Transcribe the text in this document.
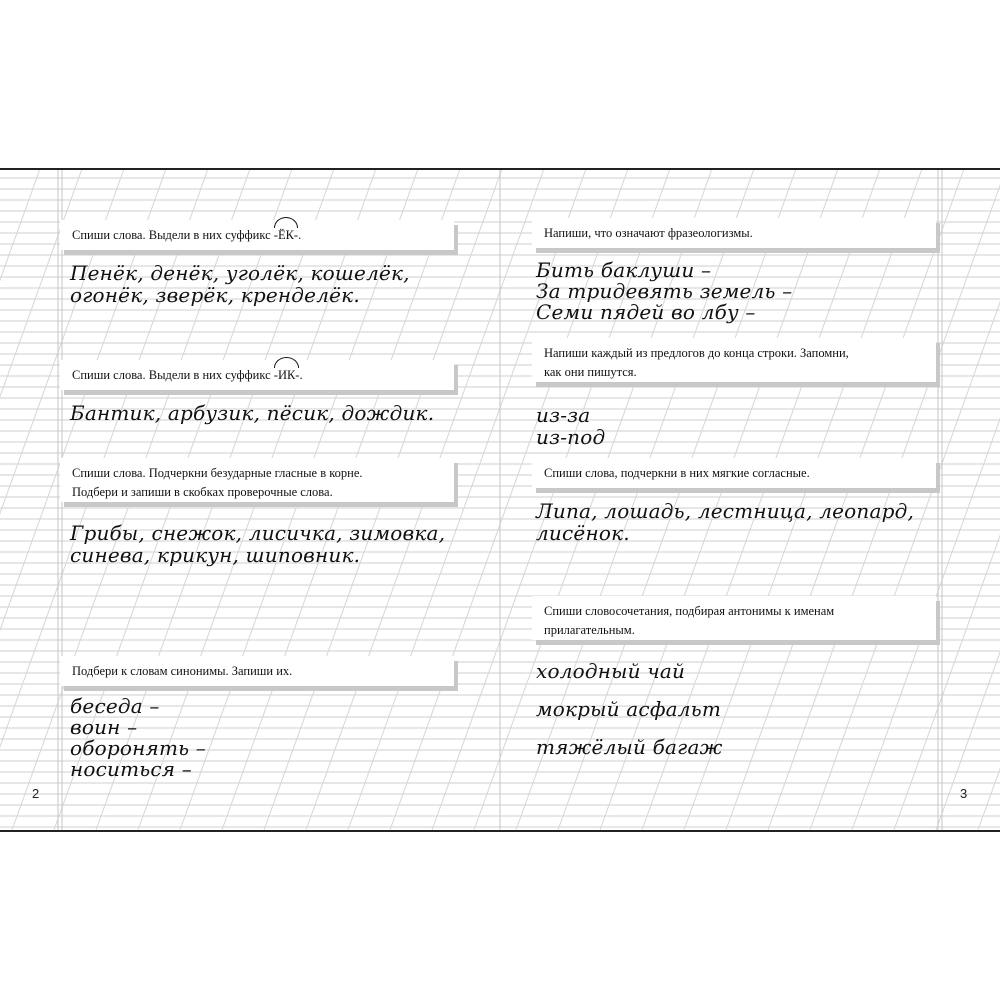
2	3
Спиши слова. Выдели в них суффикс
-ЁК-.
Пенёк, денёк, уголёк, кошелёк,
огонёк, зверёк, кренделёк.
Спиши слова. Выдели в них суффикс
-ИК-.
Бантик, арбузик, пёсик, дождик.
Спиши слова. Подчеркни безударные гласные в корне.
Подбери и запиши в скобках проверочные слова.
Грибы, снежок, лисичка, зимовка,
синева, крикун, шиповник.
Подбери к словам синонимы. Запиши их.
беседа –
воин –
оборонять –
носиться –
Напиши, что означают фразеологизмы.
Бить баклуши –
За тридевять земель –
Семи пядей во лбу –
Напиши каждый из предлогов до конца строки. Запомни,
как они пишутся.
из-за
из-под
Спиши слова, подчеркни в них мягкие согласные.
Липа, лошадь, лестница, леопард,
лисёнок.
Спиши словосочетания, подбирая антонимы к именам
прилагательным.
холодный чай
мокрый асфальт
тяжёлый багаж
